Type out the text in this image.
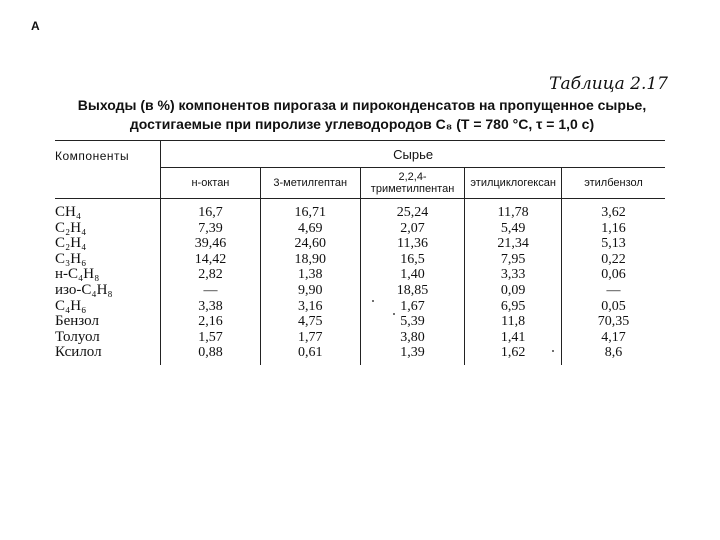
А
Таблица 2.17
Выходы (в %) компонентов пирогаза и пироконденсатов на пропущенное сырье, достигаемые при пиролизе углеводородов C₈ (T = 780 °C, τ = 1,0 с)
Компоненты	Сырье				
	н-октан	3-метилгептан	2,2,4-триметилпентан	этилциклогексан	этилбензол
CH₄	16,7	16,71	25,24	11,78	3,62
C₂H₄	7,39	4,69	2,07	5,49	1,16
C₂H₄	39,46	24,60	11,36	21,34	5,13
C₃H₆	14,42	18,90	16,5	7,95	0,22
н-C₄H₈	2,82	1,38	1,40	3,33	0,06
изо-C₄H₈	—	9,90	18,85	0,09	—
C₄H₆	3,38	3,16	1,67	6,95	0,05
Бензол	2,16	4,75	5,39	11,8	70,35
Толуол	1,57	1,77	3,80	1,41	4,17
Ксилол	0,88	0,61	1,39	1,62	8,6
